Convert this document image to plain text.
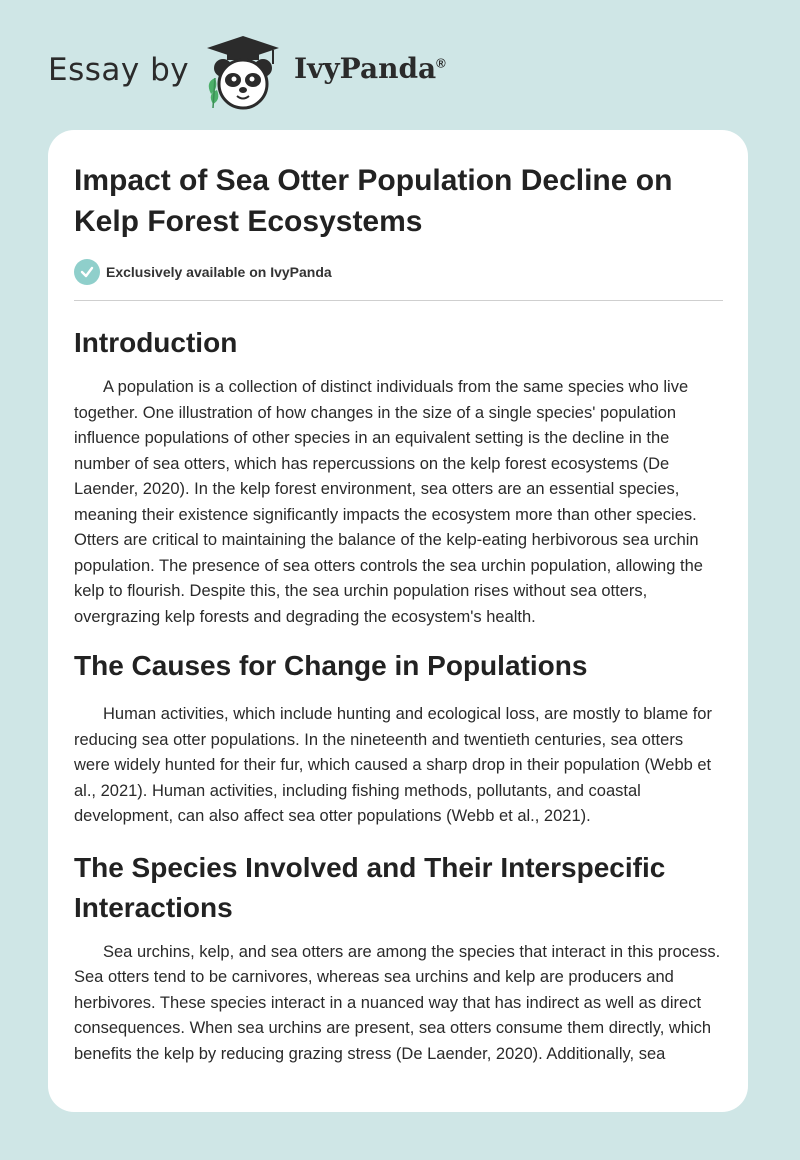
Essay by	IvyPanda®
Impact of Sea Otter Population Decline on Kelp Forest Ecosystems
Exclusively available on IvyPanda
Introduction

A population is a collection of distinct individuals from the same species who live together. One illustration of how changes in the size of a single species' population influence populations of other species in an equivalent setting is the decline in the number of sea otters, which has repercussions on the kelp forest ecosystems (De Laender, 2020). In the kelp forest environment, sea otters are an essential species, meaning their existence significantly impacts the ecosystem more than other species. Otters are critical to maintaining the balance of the kelp-eating herbivorous sea urchin population. The presence of sea otters controls the sea urchin population, allowing the kelp to flourish. Despite this, the sea urchin population rises without sea otters, overgrazing kelp forests and degrading the ecosystem's health.

The Causes for Change in Populations

Human activities, which include hunting and ecological loss, are mostly to blame for reducing sea otter populations. In the nineteenth and twentieth centuries, sea otters were widely hunted for their fur, which caused a sharp drop in their population (Webb et al., 2021). Human activities, including fishing methods, pollutants, and coastal development, can also affect sea otter populations (Webb et al., 2021).

The Species Involved and Their Interspecific Interactions

Sea urchins, kelp, and sea otters are among the species that interact in this process. Sea otters tend to be carnivores, whereas sea urchins and kelp are producers and herbivores. These species interact in a nuanced way that has indirect as well as direct consequences. When sea urchins are present, sea otters consume them directly, which benefits the kelp by reducing grazing stress (De Laender, 2020). Additionally, sea
